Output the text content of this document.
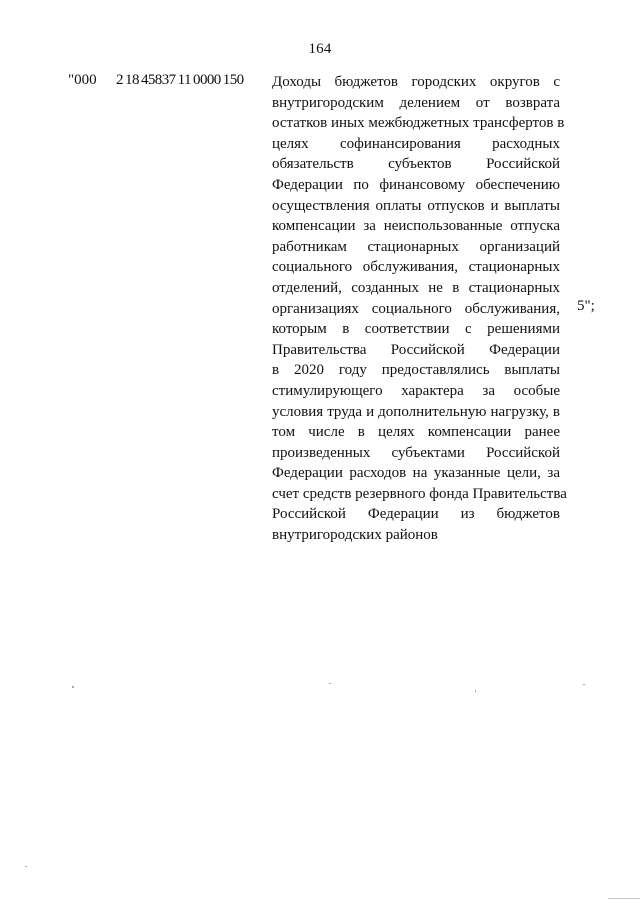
164
"000 2 18 45837 11 0000 150 Доходы бюджетов городских округов с
внутригородским делением от возврата
остатков иных межбюджетных трансфертов в
целях софинансирования расходных
обязательств субъектов Российской
Федерации по финансовому обеспечению
осуществления оплаты отпусков и выплаты
компенсации за неиспользованные отпуска
работникам стационарных организаций
социального обслуживания, стационарных
отделений, созданных не в стационарных
организациях социального обслуживания,
которым в соответствии с решениями
Правительства Российской Федерации
в 2020 году предоставлялись выплаты
стимулирующего характера за особые
условия труда и дополнительную нагрузку, в
том числе в целях компенсации ранее
произведенных субъектами Российской
Федерации расходов на указанные цели, за
счет средств резервного фонда Правительства
Российской Федерации из бюджетов
внутригородских районов
5";
